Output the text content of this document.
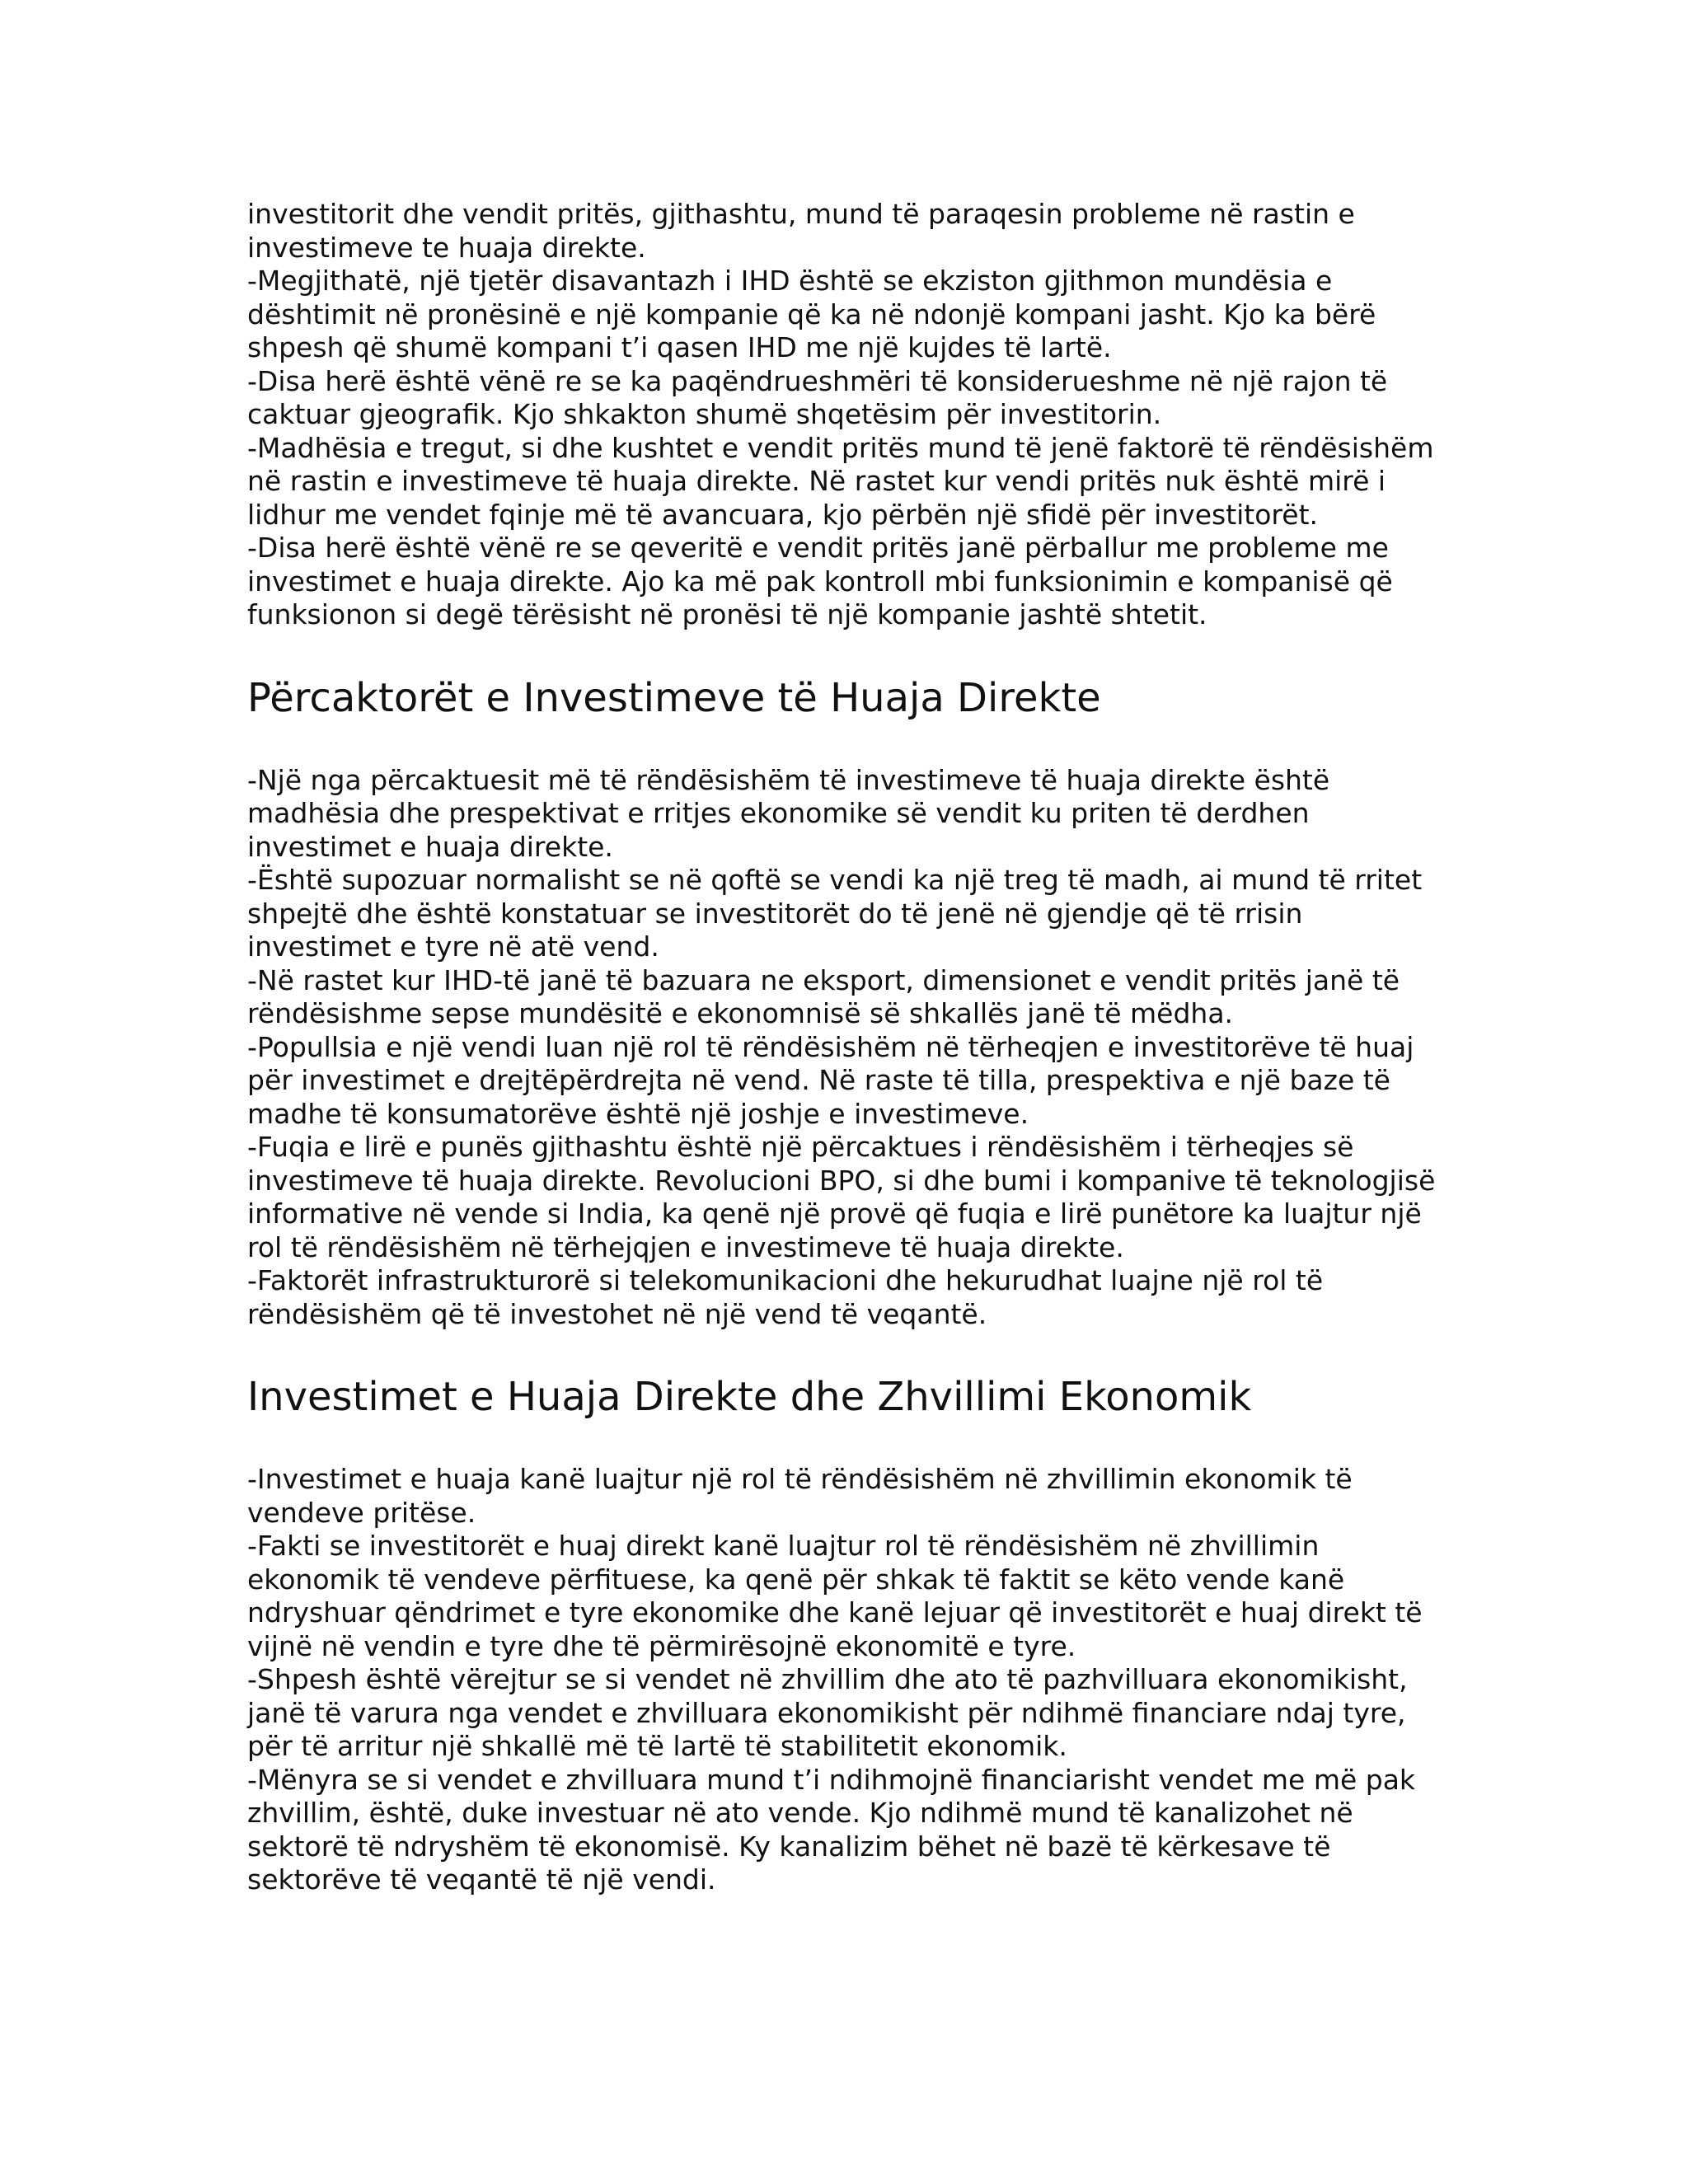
investitorit dhe vendit pritës, gjithashtu, mund të paraqesin probleme në rastin e investimeve te huaja direkte.

-Megjithatë, një tjetër disavantazh i IHD është se ekziston gjithmon mundësia e dështimit në pronësinë e një kompanie që ka në ndonjë kompani jasht. Kjo ka bërë shpesh që shumë kompani t’i qasen IHD me një kujdes të lartë.

-Disa herë është vënë re se ka paqëndrueshmëri të konsiderueshme në një rajon të caktuar gjeografik. Kjo shkakton shumë shqetësim për investitorin.

-Madhësia e tregut, si dhe kushtet e vendit pritës mund të jenë faktorë të rëndësishëm në rastin e investimeve të huaja direkte. Në rastet kur vendi pritës nuk është mirë i lidhur me vendet fqinje më të avancuara, kjo përbën një sfidë për investitorët.

-Disa herë është vënë re se qeveritë e vendit pritës janë përballur me probleme me investimet e huaja direkte. Ajo ka më pak kontroll mbi funksionimin e kompanisë që funksionon si degë tërësisht në pronësi të një kompanie jashtë shtetit.

Përcaktorët e Investimeve të Huaja Direkte

-Një nga përcaktuesit më të rëndësishëm të investimeve të huaja direkte është madhësia dhe prespektivat e rritjes ekonomike së vendit ku priten të derdhen investimet e huaja direkte.

-Është supozuar normalisht se në qoftë se vendi ka një treg të madh, ai mund të rritet shpejtë dhe është konstatuar se investitorët do të jenë në gjendje që të rrisin investimet e tyre në atë vend.

-Në rastet kur IHD-të janë të bazuara ne eksport, dimensionet e vendit pritës janë të rëndësishme sepse mundësitë e ekonomnisë së shkallës janë të mëdha.

-Popullsia e një vendi luan një rol të rëndësishëm në tërheqjen e investitorëve të huaj për investimet e drejtëpërdrejta në vend. Në raste të tilla, prespektiva e një baze të madhe të konsumatorëve është një joshje e investimeve.

-Fuqia e lirë e punës gjithashtu është një përcaktues i rëndësishëm i tërheqjes së investimeve të huaja direkte. Revolucioni BPO, si dhe bumi i kompanive të teknologjisë informative në vende si India, ka qenë një provë që fuqia e lirë punëtore ka luajtur një rol të rëndësishëm në tërhejqjen e investimeve të huaja direkte.

-Faktorët infrastrukturorë si telekomunikacioni dhe hekurudhat luajne një rol të rëndësishëm që të investohet në një vend të veqantë.

Investimet e Huaja Direkte dhe Zhvillimi Ekonomik

-Investimet e huaja kanë luajtur një rol të rëndësishëm në zhvillimin ekonomik të vendeve pritëse.

-Fakti se investitorët e huaj direkt kanë luajtur rol të rëndësishëm në zhvillimin ekonomik të vendeve përfituese, ka qenë për shkak të faktit se këto vende kanë ndryshuar qëndrimet e tyre ekonomike dhe kanë lejuar që investitorët e huaj direkt të vijnë në vendin e tyre dhe të përmirësojnë ekonomitë e tyre.

-Shpesh është vërejtur se si vendet në zhvillim dhe ato të pazhvilluara ekonomikisht, janë të varura nga vendet e zhvilluara ekonomikisht për ndihmë financiare ndaj tyre, për të arritur një shkallë më të lartë të stabilitetit ekonomik.

-Mënyra se si vendet e zhvilluara mund t’i ndihmojnë financiarisht vendet me më pak zhvillim, është, duke investuar në ato vende. Kjo ndihmë mund të kanalizohet në sektorë të ndryshëm të ekonomisë. Ky kanalizim bëhet në bazë të kërkesave të sektorëve të veqantë të një vendi.
